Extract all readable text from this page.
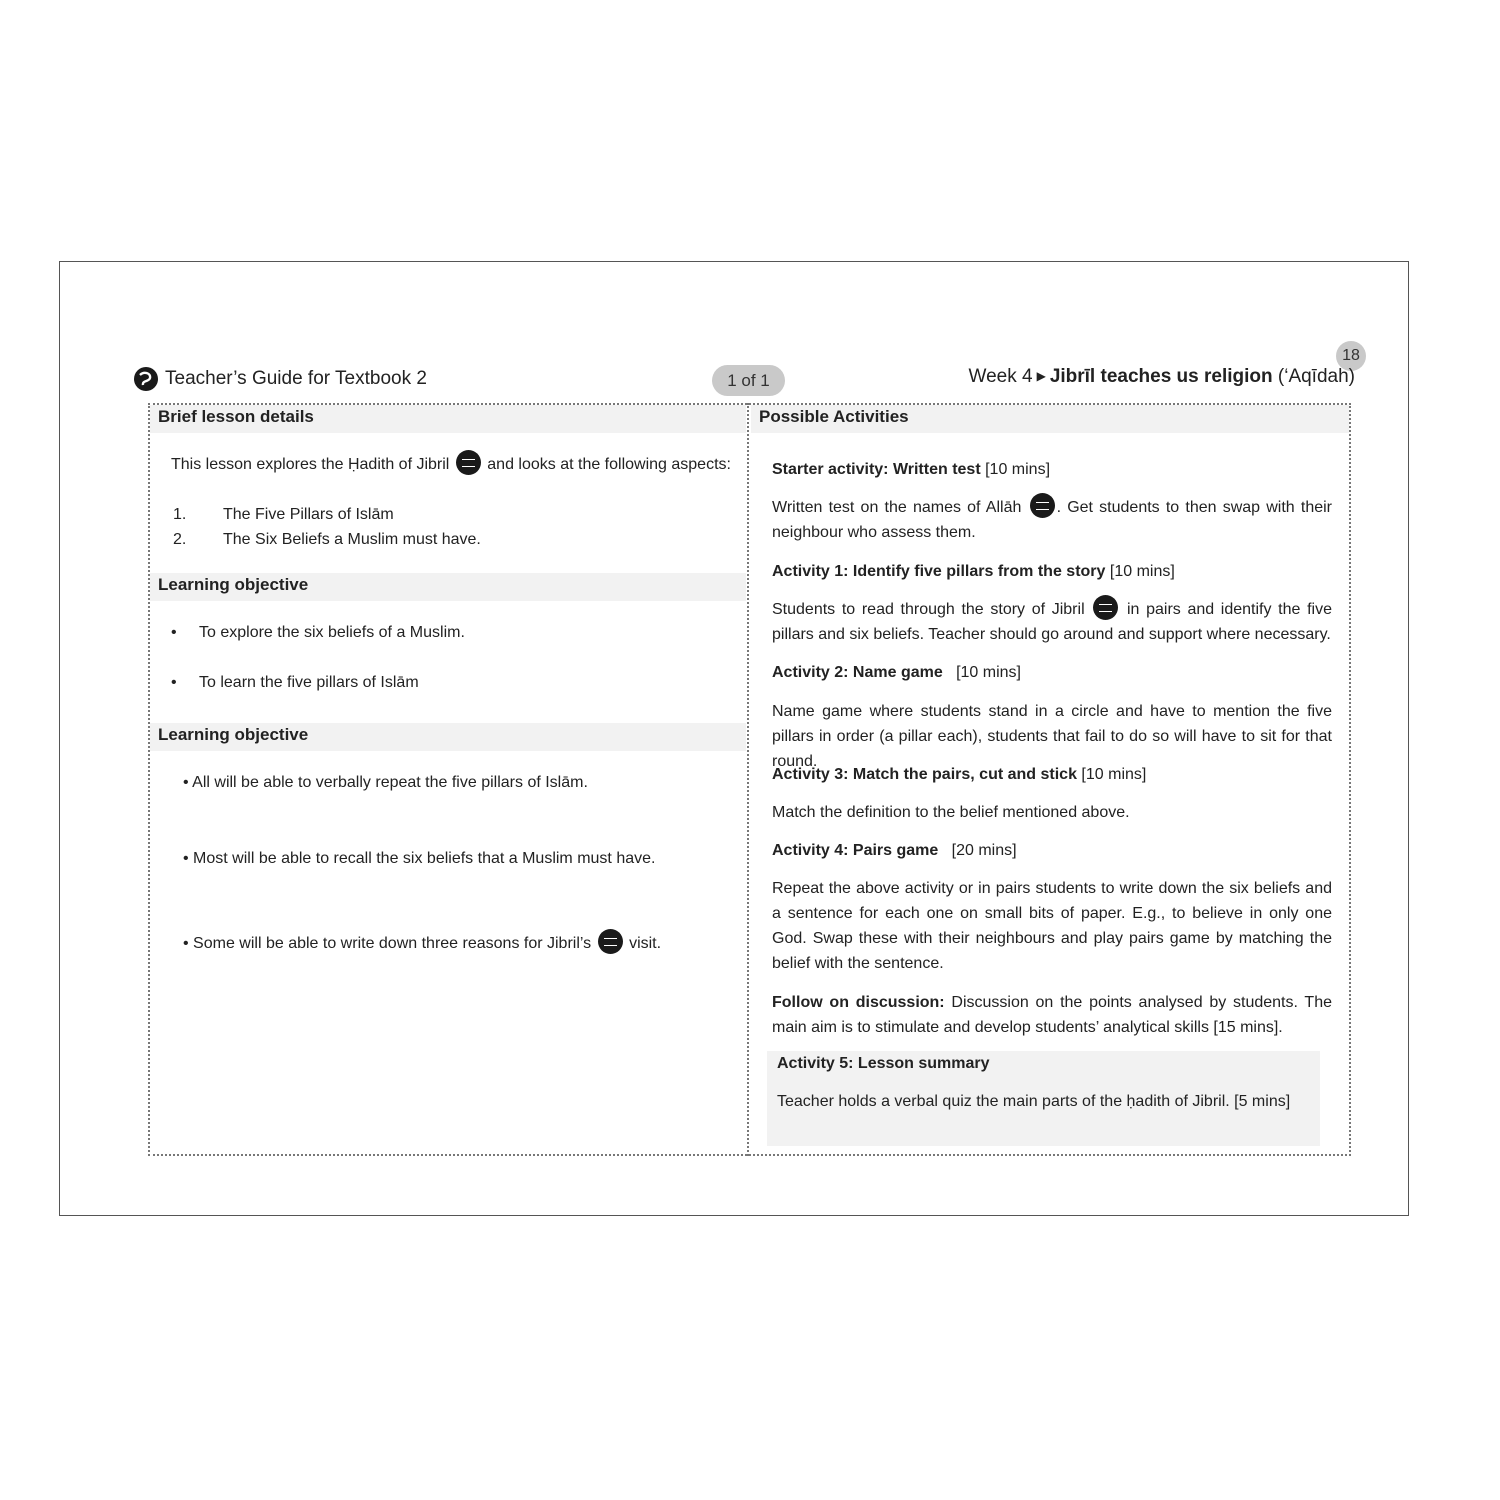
Teacher’s Guide for Textbook 2	1 of 1
18
Week 4 ▶ Jibrīl teaches us religion (‘Aqīdah)
Brief lesson details
This lesson explores the Ḥadith of Jibril and looks at the following aspects:
1. The Five Pillars of Islām
2. The Six Beliefs a Muslim must have.
Learning objective
• To explore the six beliefs of a Muslim.
• To learn the five pillars of Islām
Learning objective
• All will be able to verbally repeat the five pillars of Islām.
• Most will be able to recall the six beliefs that a Muslim must have.
• Some will be able to write down three reasons for Jibril’s visit.
Possible Activities
Starter activity: Written test [10 mins]
Written test on the names of Allāh . Get students to then swap with their neighbour who assess them.
Activity 1: Identify five pillars from the story [10 mins]
Students to read through the story of Jibril	in pairs and identify the five pillars and six beliefs. Teacher should go around and support where necessary.
Activity 2: Name game [10 mins]
Name game where students stand in a circle and have to mention the five pillars in order (a pillar each), students that fail to do so will have to sit for that round.
Activity 3: Match the pairs, cut and stick [10 mins]
Match the definition to the belief mentioned above.
Activity 4: Pairs game [20 mins]
Repeat the above activity or in pairs students to write down the six beliefs and a sentence for each one on small bits of paper. E.g., to believe in only one God. Swap these with their neighbours and play pairs game by matching the belief with the sentence.
Follow on discussion: Discussion on the points analysed by students. The main aim is to stimulate and develop students’ analytical skills [15 mins].
Activity 5: Lesson summary
Teacher holds a verbal quiz the main parts of the ḥadith of Jibril. [5 mins]
